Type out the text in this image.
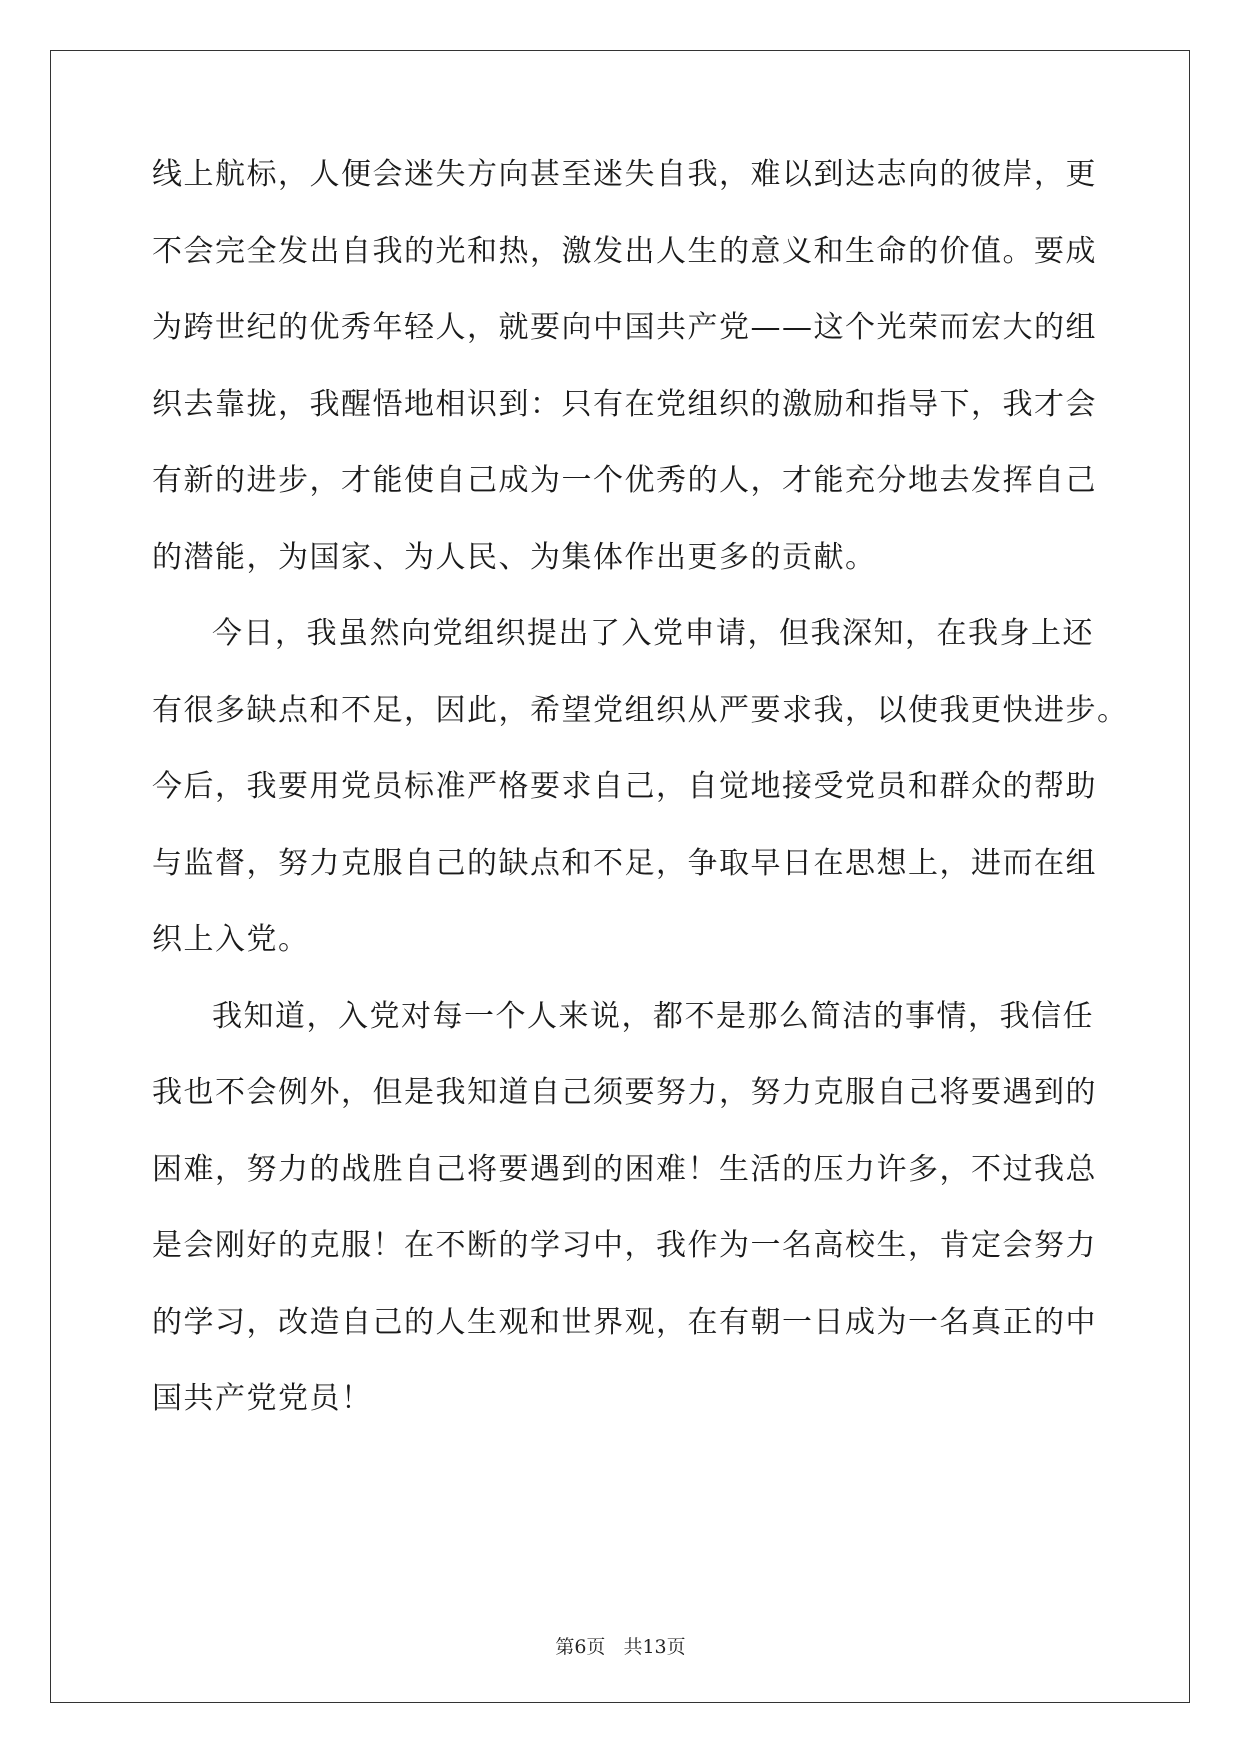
线上航标，人便会迷失方向甚至迷失自我，难以到达志向的彼岸，更
不会完全发出自我的光和热，激发出人生的意义和生命的价值。要成
为跨世纪的优秀年轻人，就要向中国共产党——这个光荣而宏大的组
织去靠拢，我醒悟地相识到：只有在党组织的激励和指导下，我才会
有新的进步，才能使自己成为一个优秀的人，才能充分地去发挥自己
的潜能，为国家、为人民、为集体作出更多的贡献。
今日，我虽然向党组织提出了入党申请，但我深知，在我身上还
有很多缺点和不足，因此，希望党组织从严要求我，以使我更快进步。
今后，我要用党员标准严格要求自己，自觉地接受党员和群众的帮助
与监督，努力克服自己的缺点和不足，争取早日在思想上，进而在组
织上入党。
我知道，入党对每一个人来说，都不是那么简洁的事情，我信任
我也不会例外，但是我知道自己须要努力，努力克服自己将要遇到的
困难，努力的战胜自己将要遇到的困难！生活的压力许多，不过我总
是会刚好的克服！在不断的学习中，我作为一名高校生，肯定会努力
的学习，改造自己的人生观和世界观，在有朝一日成为一名真正的中
国共产党党员！
第6页 共13页
